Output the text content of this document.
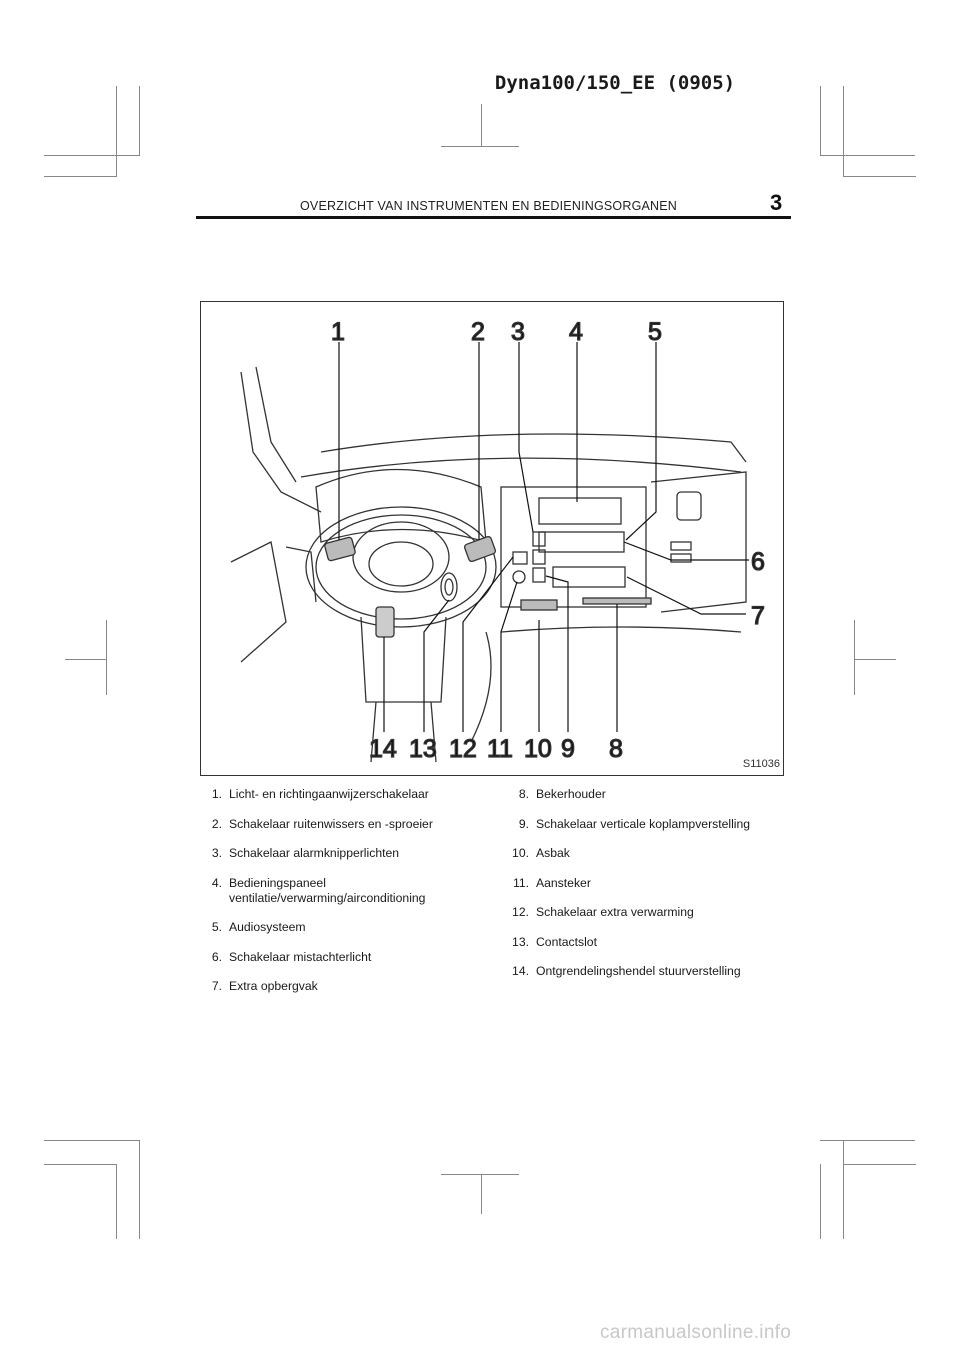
Dyna100/150_EE (0905)
OVERZICHT VAN INSTRUMENTEN EN BEDIENINGSORGANEN	3
1	2 3 4	5
6
7
8
9
10
11
12
13
14
S11036
1. Licht- en richtingaanwijzerschakelaar
2. Schakelaar ruitenwissers en -sproeier
3. Schakelaar alarmknipperlichten
4. Bedieningspaneel
ventilatie/verwarming/airconditioning
5. Audiosysteem
6. Schakelaar mistachterlicht
7. Extra opbergvak
8. Bekerhouder
9. Schakelaar verticale koplampverstelling
10. Asbak
11. Aansteker
12. Schakelaar extra verwarming
13. Contactslot
14. Ontgrendelingshendel stuurverstelling
carmanualsonline.info
